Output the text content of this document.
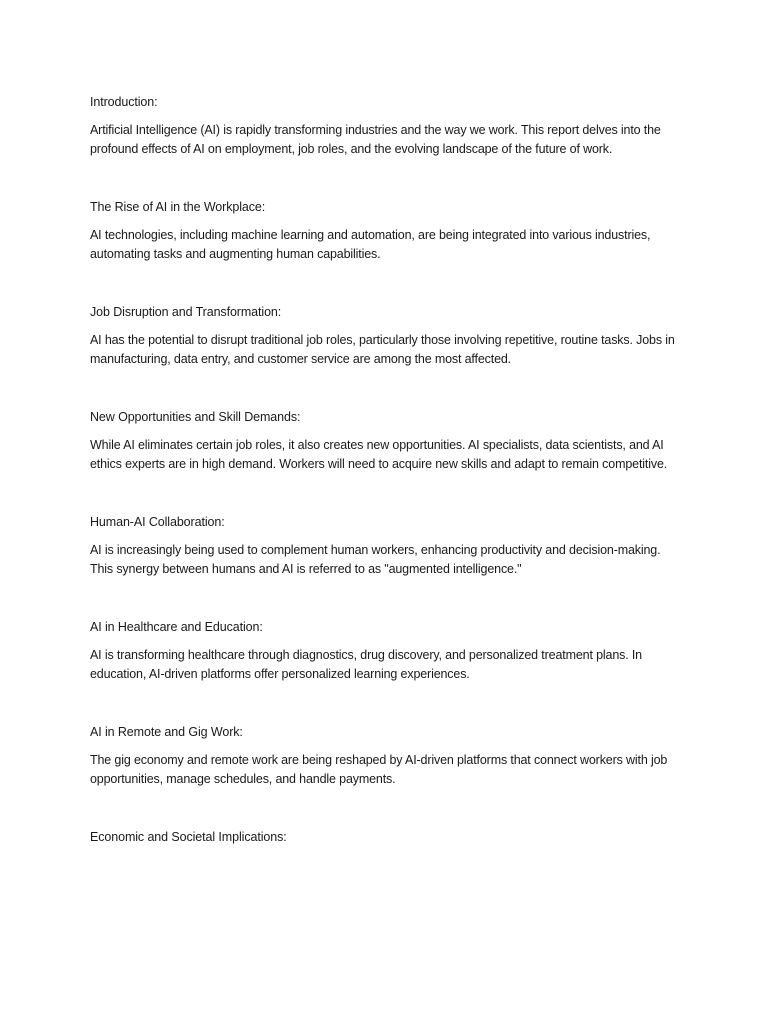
Introduction:

Artificial Intelligence (AI) is rapidly transforming industries and the way we work. This report delves into the profound effects of AI on employment, job roles, and the evolving landscape of the future of work.

The Rise of AI in the Workplace:

AI technologies, including machine learning and automation, are being integrated into various industries, automating tasks and augmenting human capabilities.

Job Disruption and Transformation:

AI has the potential to disrupt traditional job roles, particularly those involving repetitive, routine tasks. Jobs in manufacturing, data entry, and customer service are among the most affected.

New Opportunities and Skill Demands:

While AI eliminates certain job roles, it also creates new opportunities. AI specialists, data scientists, and AI ethics experts are in high demand. Workers will need to acquire new skills and adapt to remain competitive.

Human-AI Collaboration:

AI is increasingly being used to complement human workers, enhancing productivity and decision-making. This synergy between humans and AI is referred to as "augmented intelligence."

AI in Healthcare and Education:

AI is transforming healthcare through diagnostics, drug discovery, and personalized treatment plans. In education, AI-driven platforms offer personalized learning experiences.

AI in Remote and Gig Work:

The gig economy and remote work are being reshaped by AI-driven platforms that connect workers with job opportunities, manage schedules, and handle payments.

Economic and Societal Implications:
